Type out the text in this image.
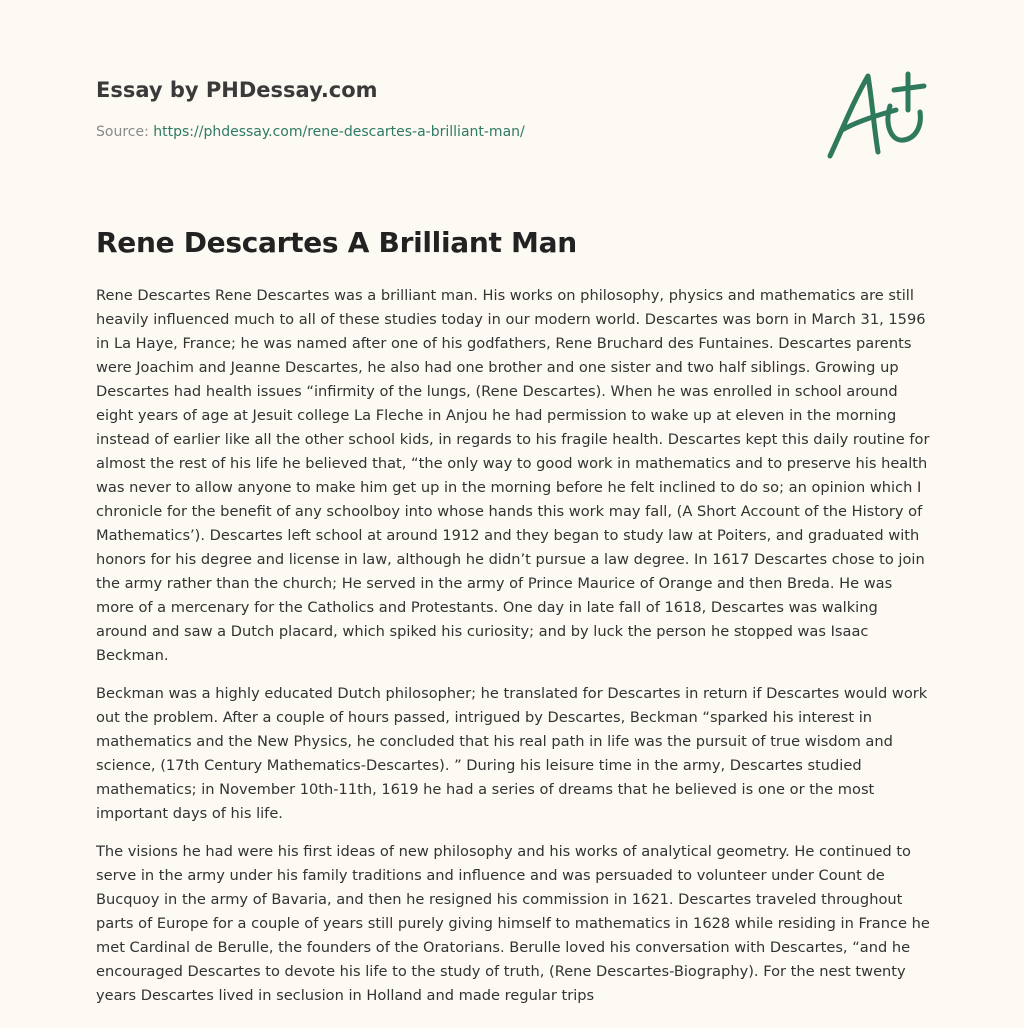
Essay by PHDessay.com
Source: https://phdessay.com/rene-descartes-a-brilliant-man/
Rene Descartes A Brilliant Man

Rene Descartes Rene Descartes was a brilliant man. His works on philosophy, physics and mathematics are still heavily influenced much to all of these studies today in our modern world. Descartes was born in March 31, 1596 in La Haye, France; he was named after one of his godfathers, Rene Bruchard des Funtaines. Descartes parents were Joachim and Jeanne Descartes, he also had one brother and one sister and two half siblings. Growing up Descartes had health issues “infirmity of the lungs, (Rene Descartes). When he was enrolled in school around eight years of age at Jesuit college La Fleche in Anjou he had permission to wake up at eleven in the morning instead of earlier like all the other school kids, in regards to his fragile health. Descartes kept this daily routine for almost the rest of his life he believed that, “the only way to good work in mathematics and to preserve his health was never to allow anyone to make him get up in the morning before he felt inclined to do so; an opinion which I chronicle for the benefit of any schoolboy into whose hands this work may fall, (A Short Account of the History of Mathematics’). Descartes left school at around 1912 and they began to study law at Poiters, and graduated with honors for his degree and license in law, although he didn’t pursue a law degree. In 1617 Descartes chose to join the army rather than the church; He served in the army of Prince Maurice of Orange and then Breda. He was more of a mercenary for the Catholics and Protestants. One day in late fall of 1618, Descartes was walking around and saw a Dutch placard, which spiked his curiosity; and by luck the person he stopped was Isaac Beckman.

Beckman was a highly educated Dutch philosopher; he translated for Descartes in return if Descartes would work out the problem. After a couple of hours passed, intrigued by Descartes, Beckman “sparked his interest in mathematics and the New Physics, he concluded that his real path in life was the pursuit of true wisdom and science, (17th Century Mathematics-Descartes). ” During his leisure time in the army, Descartes studied mathematics; in November 10th-11th, 1619 he had a series of dreams that he believed is one or the most important days of his life.

The visions he had were his first ideas of new philosophy and his works of analytical geometry. He continued to serve in the army under his family traditions and influence and was persuaded to volunteer under Count de Bucquoy in the army of Bavaria, and then he resigned his commission in 1621. Descartes traveled throughout parts of Europe for a couple of years still purely giving himself to mathematics in 1628 while residing in France he met Cardinal de Berulle, the founders of the Oratorians. Berulle loved his conversation with Descartes, “and he encouraged Descartes to devote his life to the study of truth, (Rene Descartes-Biography). For the nest twenty years Descartes lived in seclusion in Holland and made regular trips
